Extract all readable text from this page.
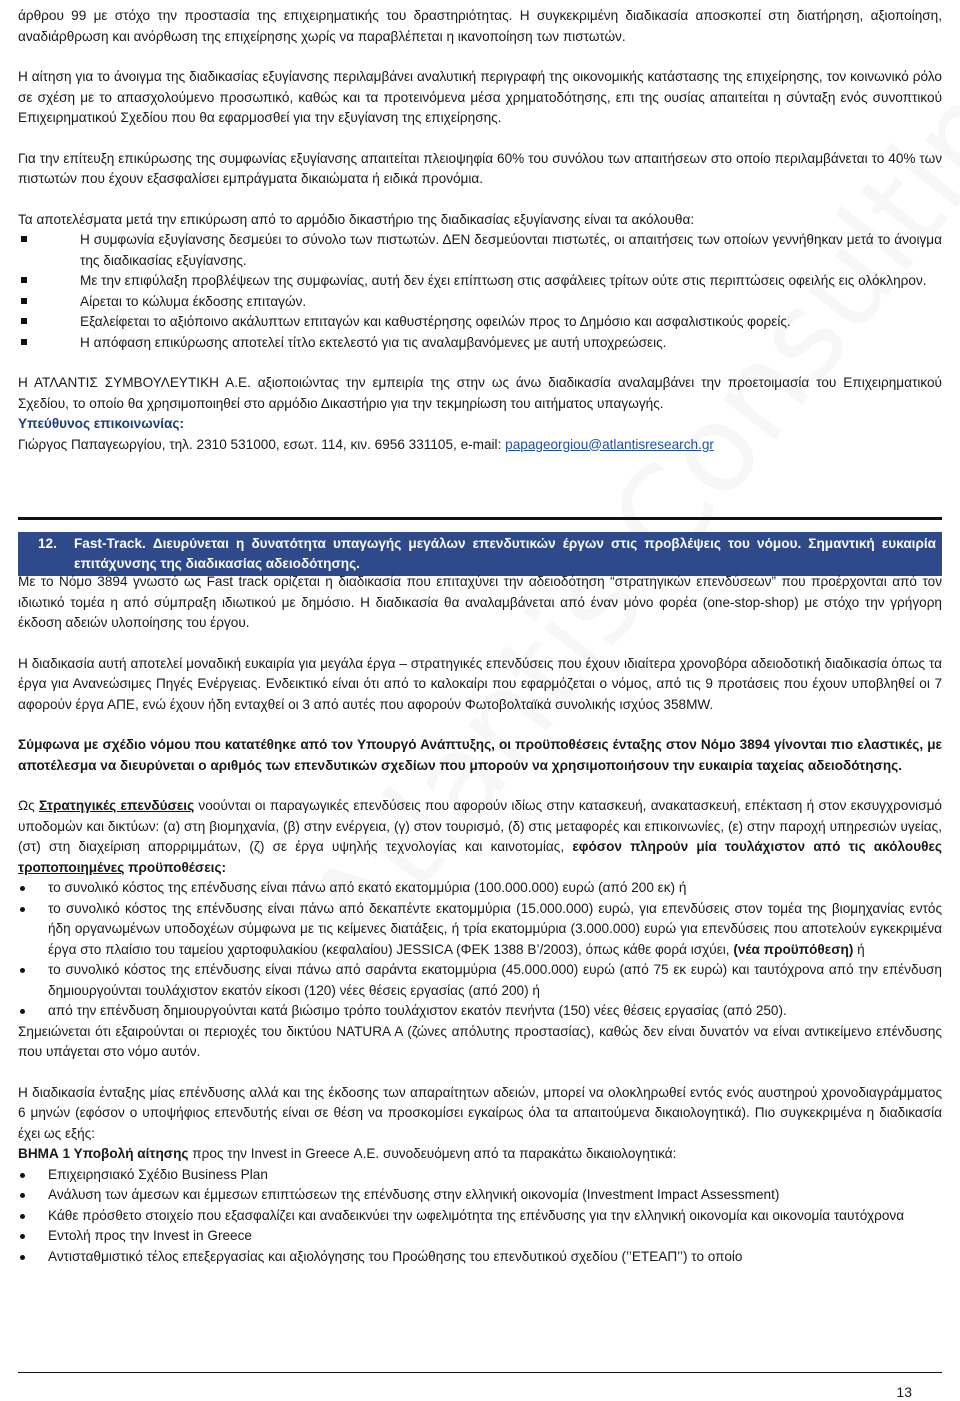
άρθρου 99 με στόχο την προστασία της επιχειρηματικής του δραστηριότητας. Η συγκεκριμένη διαδικασία αποσκοπεί στη διατήρηση, αξιοποίηση, αναδιάρθρωση και ανόρθωση της επιχείρησης χωρίς να παραβλέπεται η ικανοποίηση των πιστωτών.

Η αίτηση για το άνοιγμα της διαδικασίας εξυγίανσης περιλαμβάνει αναλυτική περιγραφή της οικονομικής κατάστασης της επιχείρησης, τον κοινωνικό ρόλο σε σχέση με το απασχολούμενο προσωπικό, καθώς και τα προτεινόμενα μέσα χρηματοδότησης, επι της ουσίας απαιτείται η σύνταξη ενός συνοπτικού Επιχειρηματικού Σχεδίου που θα εφαρμοσθεί για την εξυγίανση της επιχείρησης.

Για την επίτευξη επικύρωσης της συμφωνίας εξυγίανσης απαιτείται πλειοψηφία 60% του συνόλου των απαιτήσεων στο οποίο περιλαμβάνεται το 40% των πιστωτών που έχουν εξασφαλίσει εμπράγματα δικαιώματα ή ειδικά προνόμια.

Τα αποτελέσματα μετά την επικύρωση από το αρμόδιο δικαστήριο της διαδικασίας εξυγίανσης είναι τα ακόλουθα:

Η συμφωνία εξυγίανσης δεσμεύει το σύνολο των πιστωτών. ΔΕΝ δεσμεύονται πιστωτές, οι απαιτήσεις των οποίων γεννήθηκαν μετά το άνοιγμα της διαδικασίας εξυγίανσης.
Με την επιφύλαξη προβλέψεων της συμφωνίας, αυτή δεν έχει επίπτωση στις ασφάλειες τρίτων ούτε στις περιπτώσεις οφειλής εις ολόκληρον.
Αίρεται το κώλυμα έκδοσης επιταγών.
Εξαλείφεται το αξιόποινο ακάλυπτων επιταγών και καθυστέρησης οφειλών προς το Δημόσιο και ασφαλιστικούς φορείς.
Η απόφαση επικύρωσης αποτελεί τίτλο εκτελεστό για τις αναλαμβανόμενες με αυτή υποχρεώσεις.

Η ΑΤΛΑΝΤΙΣ ΣΥΜΒΟΥΛΕΥΤΙΚΗ Α.Ε. αξιοποιώντας την εμπειρία της στην ως άνω διαδικασία αναλαμβάνει την προετοιμασία του Επιχειρηματικού Σχεδίου, το οποίο θα χρησιμοποιηθεί στο αρμόδιο Δικαστήριο για την τεκμηρίωση του αιτήματος υπαγωγής.

Υπεύθυνος επικοινωνίας:

Γιώργος Παπαγεωργίου, τηλ. 2310 531000, εσωτ. 114, κιν. 6956 331105, e-mail: papageorgiou@atlantisresearch.gr

12. Fast-Track. Διευρύνεται η δυνατότητα υπαγωγής μεγάλων επενδυτικών έργων στις προβλέψεις του νόμου. Σημαντική ευκαιρία επιτάχυνσης της διαδικασίας αδειοδότησης.

Με το Νόμο 3894 γνωστό ως Fast track ορίζεται η διαδικασία που επιταχύνει την αδειοδότηση “στρατηγικών επενδύσεων” που προέρχονται από τον ιδιωτικό τομέα η από σύμπραξη ιδιωτικού με δημόσιο. Η διαδικασία θα αναλαμβάνεται από έναν μόνο φορέα (one-stop-shop) με στόχο την γρήγορη έκδοση αδειών υλοποίησης του έργου.

Η διαδικασία αυτή αποτελεί μοναδική ευκαιρία για μεγάλα έργα – στρατηγικές επενδύσεις που έχουν ιδιαίτερα χρονοβόρα αδειοδοτική διαδικασία όπως τα έργα για Ανανεώσιμες Πηγές Ενέργειας. Ενδεικτικό είναι ότι από το καλοκαίρι που εφαρμόζεται ο νόμος, από τις 9 προτάσεις που έχουν υποβληθεί οι 7 αφορούν έργα ΑΠΕ, ενώ έχουν ήδη ενταχθεί οι 3 από αυτές που αφορούν Φωτοβολταϊκά συνολικής ισχύος 358MW.

Σύμφωνα με σχέδιο νόμου που κατατέθηκε από τον Υπουργό Ανάπτυξης, οι προϋποθέσεις ένταξης στον Νόμο 3894 γίνονται πιο ελαστικές, με αποτέλεσμα να διευρύνεται ο αριθμός των επενδυτικών σχεδίων που μπορούν να χρησιμοποιήσουν την ευκαιρία ταχείας αδειοδότησης.

Ως Στρατηγικές επενδύσεις νοούνται οι παραγωγικές επενδύσεις που αφορούν ιδίως στην κατασκευή, ανακατασκευή, επέκταση ή στον εκσυγχρονισμό υποδομών και δικτύων: (α) στη βιομηχανία, (β) στην ενέργεια, (γ) στον τουρισμό, (δ) στις μεταφορές και επικοινωνίες, (ε) στην παροχή υπηρεσιών υγείας, (στ) στη διαχείριση απορριμμάτων, (ζ) σε έργα υψηλής τεχνολογίας και καινοτομίας, εφόσον πληρούν μία τουλάχιστον από τις ακόλουθες τροποποιημένες προϋποθέσεις:

το συνολικό κόστος της επένδυσης είναι πάνω από εκατό εκατομμύρια (100.000.000) ευρώ (από 200 εκ) ή
το συνολικό κόστος της επένδυσης είναι πάνω από δεκαπέντε εκατομμύρια (15.000.000) ευρώ, για επενδύσεις στον τομέα της βιομηχανίας εντός ήδη οργανωμένων υποδοχέων σύμφωνα με τις κείμενες διατάξεις, ή τρία εκατομμύρια (3.000.000) ευρώ για επενδύσεις που αποτελούν εγκεκριμένα έργα στο πλαίσιο του ταμείου χαρτοφυλακίου (κεφαλαίου) JESSICA (ΦΕΚ 1388 Β’/2003), όπως κάθε φορά ισχύει, (νέα προϋπόθεση) ή
το συνολικό κόστος της επένδυσης είναι πάνω από σαράντα εκατομμύρια (45.000.000) ευρώ (από 75 εκ ευρώ) και ταυτόχρονα από την επένδυση δημιουργούνται τουλάχιστον εκατόν είκοσι (120) νέες θέσεις εργασίας (από 200) ή
από την επένδυση δημιουργούνται κατά βιώσιμο τρόπο τουλάχιστον εκατόν πενήντα (150) νέες θέσεις εργασίας (από 250).

Σημειώνεται ότι εξαιρούνται οι περιοχές του δικτύου NATURA A (ζώνες απόλυτης προστασίας), καθώς δεν είναι δυνατόν να είναι αντικείμενο επένδυσης που υπάγεται στο νόμο αυτόν.

Η διαδικασία ένταξης μίας επένδυσης αλλά και της έκδοσης των απαραίτητων αδειών, μπορεί να ολοκληρωθεί εντός ενός αυστηρού χρονοδιαγράμματος 6 μηνών (εφόσον ο υποψήφιος επενδυτής είναι σε θέση να προσκομίσει εγκαίρως όλα τα απαιτούμενα δικαιολογητικά). Πιο συγκεκριμένα η διαδικασία έχει ως εξής:

ΒΗΜΑ 1 Υποβολή αίτησης προς την Invest in Greece Α.Ε. συνοδευόμενη από τα παρακάτω δικαιολογητικά:

Επιχειρησιακό Σχέδιο Business Plan
Ανάλυση των άμεσων και έμμεσων επιπτώσεων της επένδυσης στην ελληνική οικονομία (Investment Impact Assessment)
Κάθε πρόσθετο στοιχείο που εξασφαλίζει και αναδεικνύει την ωφελιμότητα της επένδυσης για την ελληνική οικονομία και οικονομία ταυτόχρονα
Εντολή προς την Invest in Greece
Αντισταθμιστικό τέλος επεξεργασίας και αξιολόγησης του Προώθησης του επενδυτικού σχεδίου (’’ΕΤΕΑΠ’’) το οποίο
13
